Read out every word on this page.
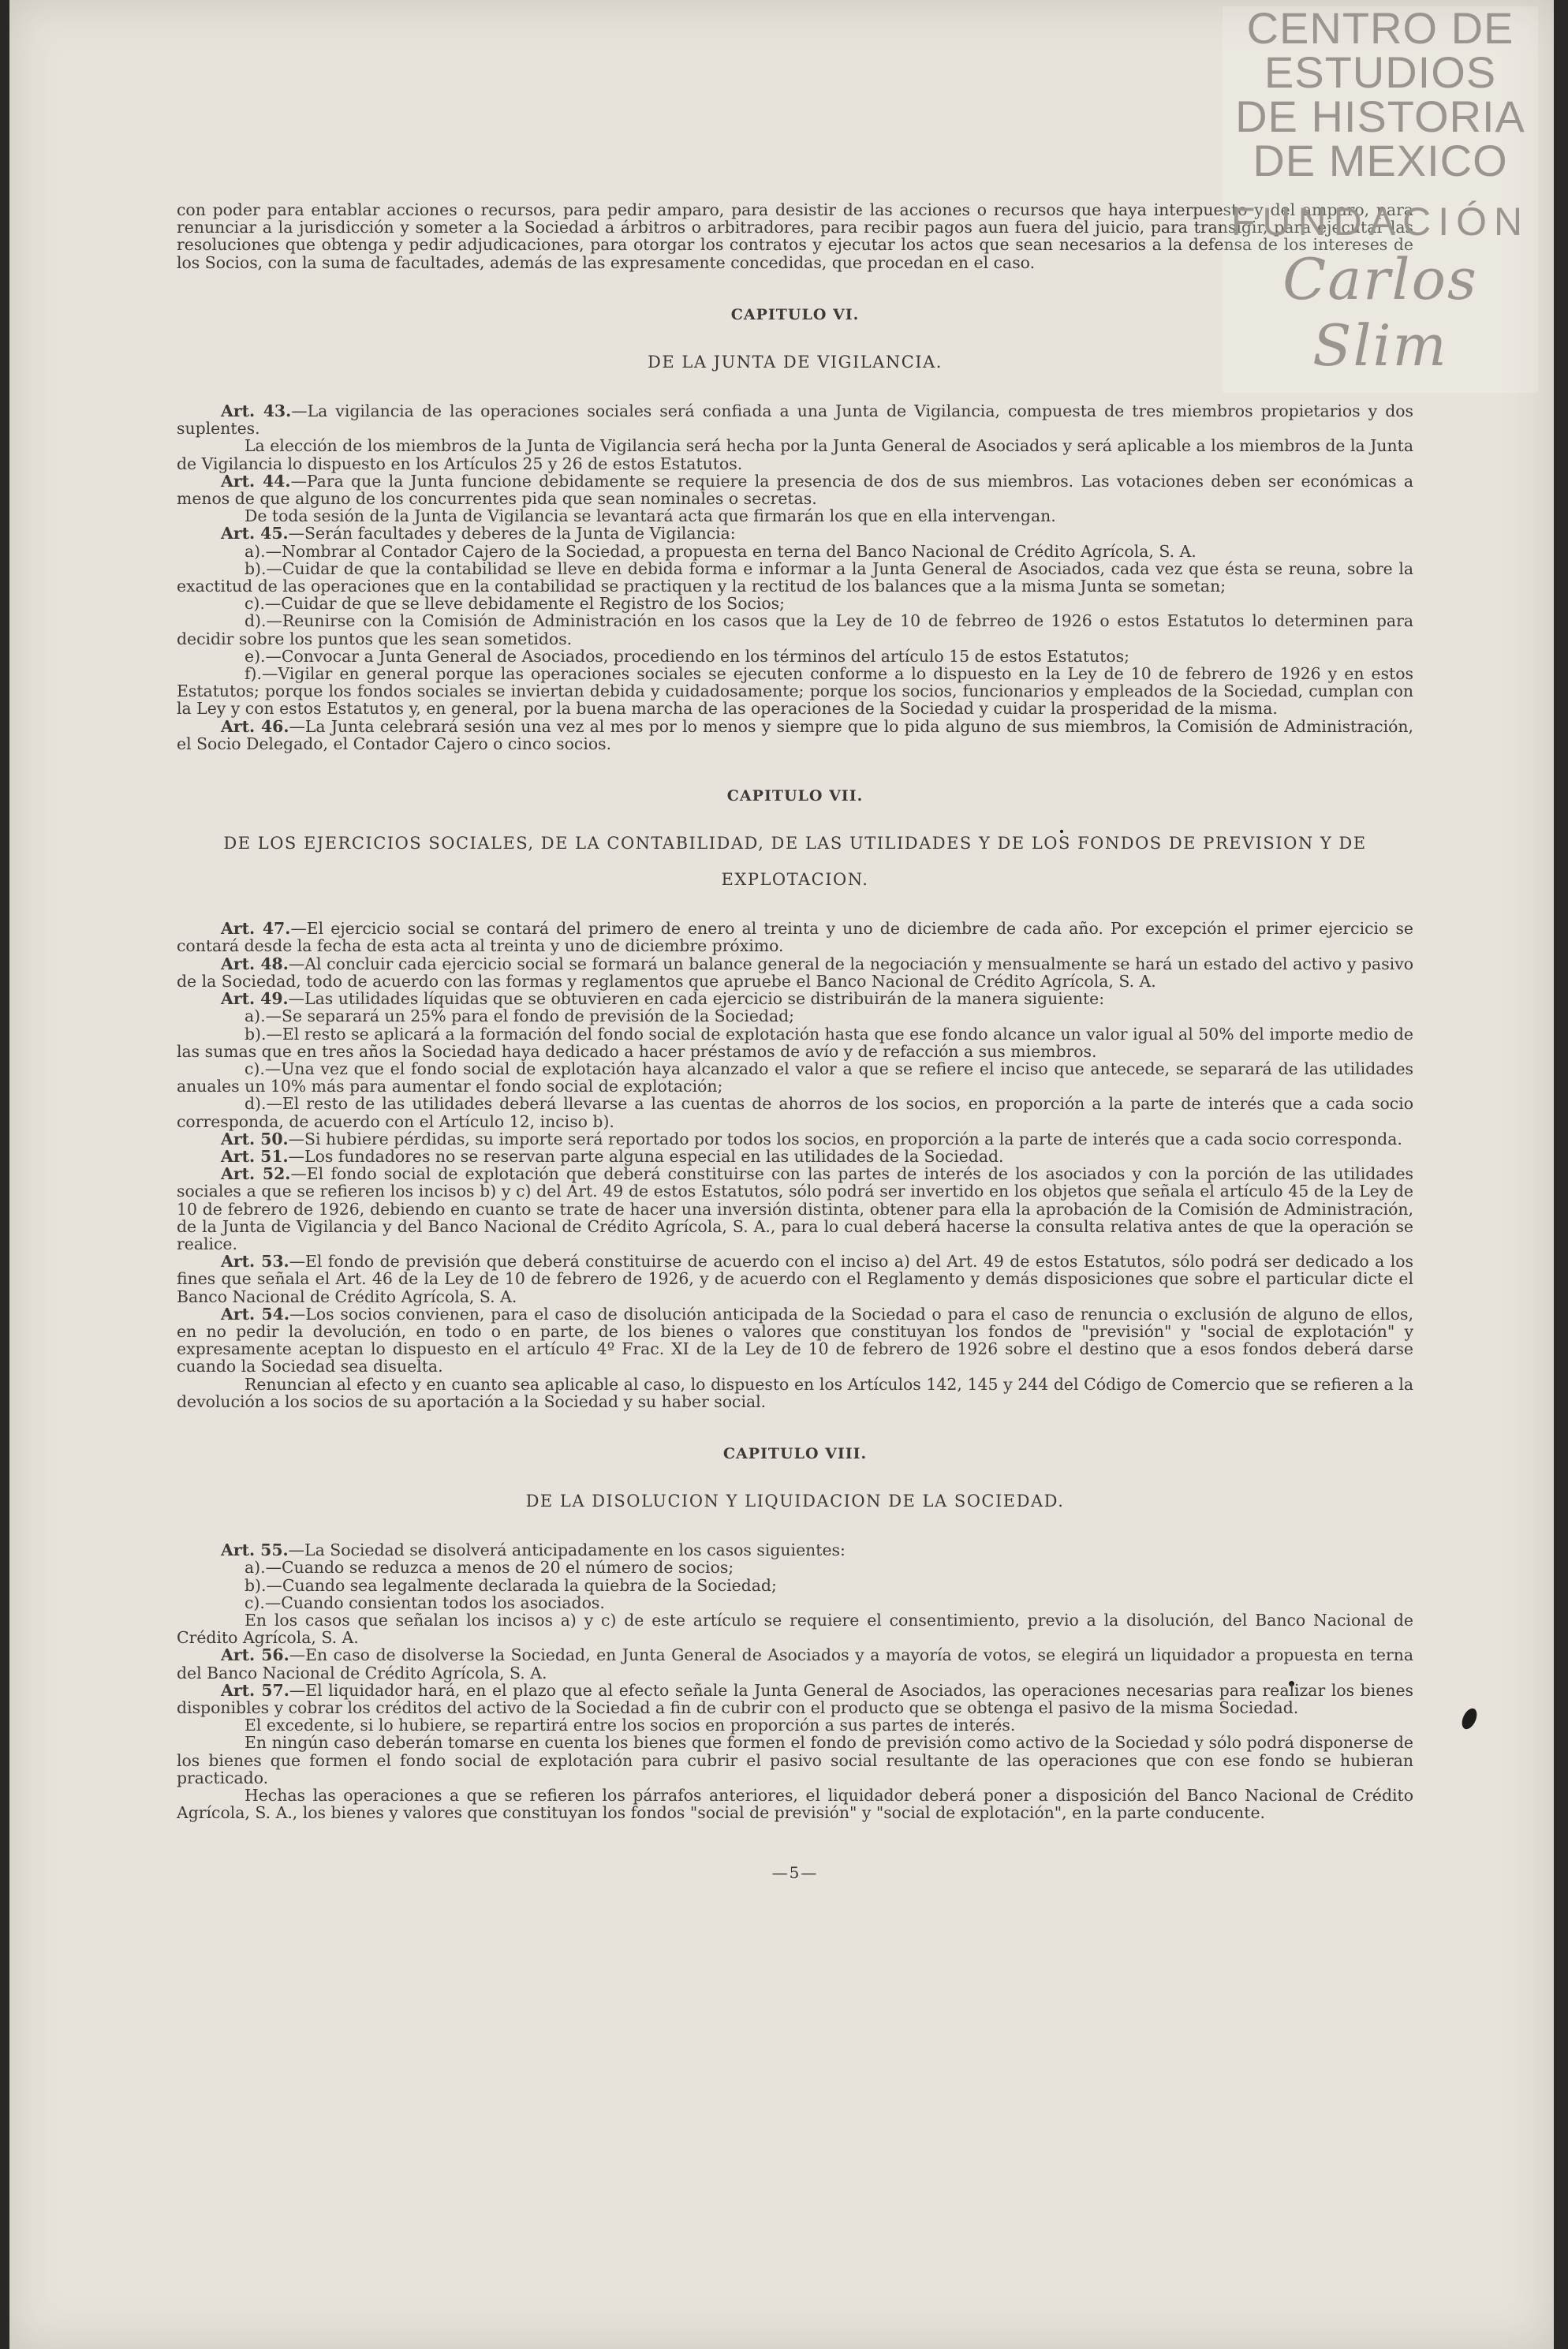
CENTRO DE
ESTUDIOS
DE HISTORIA
DE MEXICO
FUNDACIÓN
Carlos Slim

con poder para entablar acciones o recursos, para pedir amparo, para desistir de las acciones o recursos que haya interpuesto y del amparo, para renunciar a la jurisdicción y someter a la Sociedad a árbitros o arbitradores, para recibir pagos aun fuera del juicio, para transigir, para ejecutar las resoluciones que obtenga y pedir adjudicaciones, para otorgar los contratos y ejecutar los actos que sean necesarios a la defensa de los intereses de los Socios, con la suma de facultades, además de las expresamente concedidas, que procedan en el caso.

CAPITULO VI.
DE LA JUNTA DE VIGILANCIA.

Art. 43.—La vigilancia de las operaciones sociales será confiada a una Junta de Vigilancia, compuesta de tres miembros propietarios y dos suplentes.

La elección de los miembros de la Junta de Vigilancia será hecha por la Junta General de Asociados y será aplicable a los miembros de la Junta de Vigilancia lo dispuesto en los Artículos 25 y 26 de estos Estatutos.

Art. 44.—Para que la Junta funcione debidamente se requiere la presencia de dos de sus miembros. Las votaciones deben ser económicas a menos de que alguno de los concurrentes pida que sean nominales o secretas.

De toda sesión de la Junta de Vigilancia se levantará acta que firmarán los que en ella intervengan.

Art. 45.—Serán facultades y deberes de la Junta de Vigilancia:

a).—Nombrar al Contador Cajero de la Sociedad, a propuesta en terna del Banco Nacional de Crédito Agrícola, S. A.

b).—Cuidar de que la contabilidad se lleve en debida forma e informar a la Junta General de Asociados, cada vez que ésta se reuna, sobre la exactitud de las operaciones que en la contabilidad se practiquen y la rectitud de los balances que a la misma Junta se sometan;

c).—Cuidar de que se lleve debidamente el Registro de los Socios;

d).—Reunirse con la Comisión de Administración en los casos que la Ley de 10 de febrreo de 1926 o estos Estatutos lo determinen para decidir sobre los puntos que les sean sometidos.

e).—Convocar a Junta General de Asociados, procediendo en los términos del artículo 15 de estos Estatutos;

f).—Vigilar en general porque las operaciones sociales se ejecuten conforme a lo dispuesto en la Ley de 10 de febrero de 1926 y en estos Estatutos; porque los fondos sociales se inviertan debida y cuidadosamente; porque los socios, funcionarios y empleados de la Sociedad, cumplan con la Ley y con estos Estatutos y, en general, por la buena marcha de las operaciones de la Sociedad y cuidar la prosperidad de la misma.

Art. 46.—La Junta celebrará sesión una vez al mes por lo menos y siempre que lo pida alguno de sus miembros, la Comisión de Administración, el Socio Delegado, el Contador Cajero o cinco socios.

CAPITULO VII.
DE LOS EJERCICIOS SOCIALES, DE LA CONTABILIDAD, DE LAS UTILIDADES Y DE LOS FONDOS DE PREVISION Y DE EXPLOTACION.

Art. 47.—El ejercicio social se contará del primero de enero al treinta y uno de diciembre de cada año. Por excepción el primer ejercicio se contará desde la fecha de esta acta al treinta y uno de diciembre próximo.

Art. 48.—Al concluir cada ejercicio social se formará un balance general de la negociación y mensualmente se hará un estado del activo y pasivo de la Sociedad, todo de acuerdo con las formas y reglamentos que apruebe el Banco Nacional de Crédito Agrícola, S. A.

Art. 49.—Las utilidades líquidas que se obtuvieren en cada ejercicio se distribuirán de la manera siguiente:

a).—Se separará un 25% para el fondo de previsión de la Sociedad;

b).—El resto se aplicará a la formación del fondo social de explotación hasta que ese fondo alcance un valor igual al 50% del importe medio de las sumas que en tres años la Sociedad haya dedicado a hacer préstamos de avío y de refacción a sus miembros.

c).—Una vez que el fondo social de explotación haya alcanzado el valor a que se refiere el inciso que antecede, se separará de las utilidades anuales un 10% más para aumentar el fondo social de explotación;

d).—El resto de las utilidades deberá llevarse a las cuentas de ahorros de los socios, en proporción a la parte de interés que a cada socio corresponda, de acuerdo con el Artículo 12, inciso b).

Art. 50.—Si hubiere pérdidas, su importe será reportado por todos los socios, en proporción a la parte de interés que a cada socio corresponda.

Art. 51.—Los fundadores no se reservan parte alguna especial en las utilidades de la Sociedad.

Art. 52.—El fondo social de explotación que deberá constituirse con las partes de interés de los asociados y con la porción de las utilidades sociales a que se refieren los incisos b) y c) del Art. 49 de estos Estatutos, sólo podrá ser invertido en los objetos que señala el artículo 45 de la Ley de 10 de febrero de 1926, debiendo en cuanto se trate de hacer una inversión distinta, obtener para ella la aprobación de la Comisión de Administración, de la Junta de Vigilancia y del Banco Nacional de Crédito Agrícola, S. A., para lo cual deberá hacerse la consulta relativa antes de que la operación se realice.

Art. 53.—El fondo de previsión que deberá constituirse de acuerdo con el inciso a) del Art. 49 de estos Estatutos, sólo podrá ser dedicado a los fines que señala el Art. 46 de la Ley de 10 de febrero de 1926, y de acuerdo con el Reglamento y demás disposiciones que sobre el particular dicte el Banco Nacional de Crédito Agrícola, S. A.

Art. 54.—Los socios convienen, para el caso de disolución anticipada de la Sociedad o para el caso de renuncia o exclusión de alguno de ellos, en no pedir la devolución, en todo o en parte, de los bienes o valores que constituyan los fondos de "previsión" y "social de explotación" y expresamente aceptan lo dispuesto en el artículo 4º Frac. XI de la Ley de 10 de febrero de 1926 sobre el destino que a esos fondos deberá darse cuando la Sociedad sea disuelta.

Renuncian al efecto y en cuanto sea aplicable al caso, lo dispuesto en los Artículos 142, 145 y 244 del Código de Comercio que se refieren a la devolución a los socios de su aportación a la Sociedad y su haber social.

CAPITULO VIII.
DE LA DISOLUCION Y LIQUIDACION DE LA SOCIEDAD.

Art. 55.—La Sociedad se disolverá anticipadamente en los casos siguientes:

a).—Cuando se reduzca a menos de 20 el número de socios;

b).—Cuando sea legalmente declarada la quiebra de la Sociedad;

c).—Cuando consientan todos los asociados.

En los casos que señalan los incisos a) y c) de este artículo se requiere el consentimiento, previo a la disolución, del Banco Nacional de Crédito Agrícola, S. A.

Art. 56.—En caso de disolverse la Sociedad, en Junta General de Asociados y a mayoría de votos, se elegirá un liquidador a propuesta en terna del Banco Nacional de Crédito Agrícola, S. A.

Art. 57.—El liquidador hará, en el plazo que al efecto señale la Junta General de Asociados, las operaciones necesarias para realizar los bienes disponibles y cobrar los créditos del activo de la Sociedad a fin de cubrir con el producto que se obtenga el pasivo de la misma Sociedad.

El excedente, si lo hubiere, se repartirá entre los socios en proporción a sus partes de interés.

En ningún caso deberán tomarse en cuenta los bienes que formen el fondo de previsión como activo de la Sociedad y sólo podrá disponerse de los bienes que formen el fondo social de explotación para cubrir el pasivo social resultante de las operaciones que con ese fondo se hubieran practicado.

Hechas las operaciones a que se refieren los párrafos anteriores, el liquidador deberá poner a disposición del Banco Nacional de Crédito Agrícola, S. A., los bienes y valores que constituyan los fondos "social de previsión" y "social de explotación", en la parte conducente.

—5—
